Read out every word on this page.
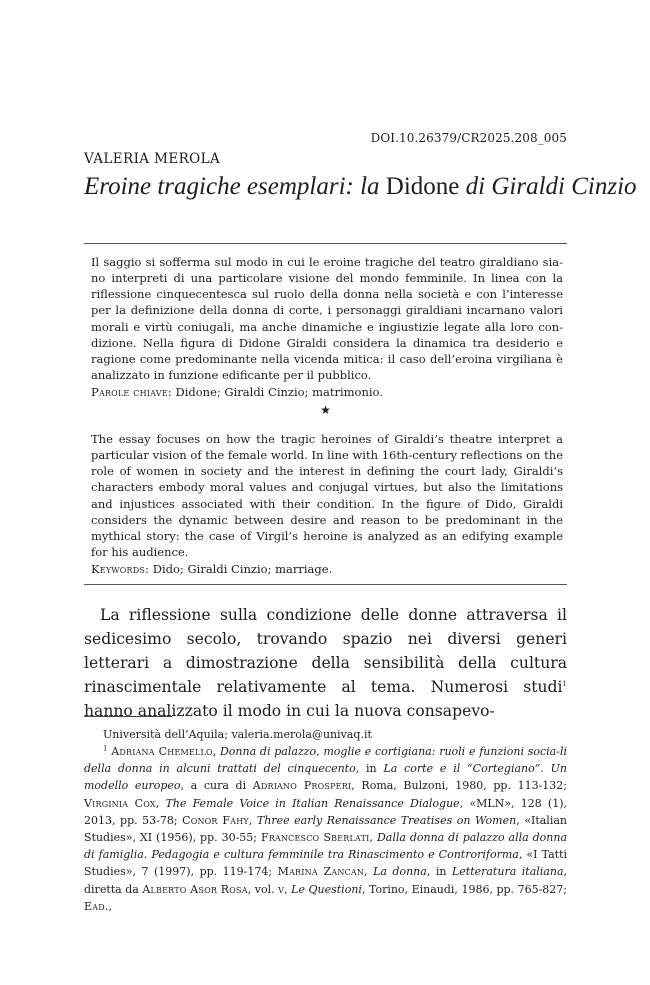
DOI.10.26379/CR2025.208_005
VALERIA MEROLA
Eroine tragiche esemplari: la Didone di Giraldi Cinzio

Il saggio si sofferma sul modo in cui le eroine tragiche del teatro giraldiano sia-no interpreti di una particolare visione del mondo femminile. In linea con la riflessione cinquecentesca sul ruolo della donna nella società e con l’interesse per la definizione della donna di corte, i personaggi giraldiani incarnano valori morali e virtù coniugali, ma anche dinamiche e ingiustizie legate alla loro con-dizione. Nella figura di Didone Giraldi considera la dinamica tra desiderio e ragione come predominante nella vicenda mitica: il caso dell’eroina virgiliana è analizzato in funzione edificante per il pubblico.

Parole chiave: Didone; Giraldi Cinzio; matrimonio.
★

The essay focuses on how the tragic heroines of Giraldi’s theatre interpret a particular vision of the female world. In line with 16th-century reflections on the role of women in society and the interest in defining the court lady, Giraldi’s characters embody moral values and conjugal virtues, but also the limitations and injustices associated with their condition. In the figure of Dido, Giraldi considers the dynamic between desire and reason to be predominant in the mythical story: the case of Virgil’s heroine is analyzed as an edifying example for his audience.

Keywords: Dido; Giraldi Cinzio; marriage.

La riflessione sulla condizione delle donne attraversa il sedicesimo secolo, trovando spazio nei diversi generi letterari a dimostrazione della sensibilità della cultura rinascimentale relativamente al tema. Numerosi studi$^1$ hanno analizzato il modo in cui la nuova consapevo-

Università dell’Aquila; valeria.merola@univaq.it

$^1$ Adriana Chemello, Donna di palazzo, moglie e cortigiana: ruoli e funzioni socia-li della donna in alcuni trattati del cinquecento, in La corte e il “Cortegiano”. Un modello europeo, a cura di Adriano Prosperi, Roma, Bulzoni, 1980, pp. 113-132; Virginia Cox, The Female Voice in Italian Renaissance Dialogue, «MLN», 128 (1), 2013, pp. 53-78; Conor Fahy, Three early Renaissance Treatises on Women, «Italian Studies», XI (1956), pp. 30-55; Francesco Sberlati, Dalla donna di palazzo alla donna di famiglia. Pedagogia e cultura femminile tra Rinascimento e Controriforma, «I Tatti Studies», 7 (1997), pp. 119-174; Marina Zancan, La donna, in Letteratura italiana, diretta da Alberto Asor Rosa, vol. v, Le Questioni, Torino, Einaudi, 1986, pp. 765-827; Ead.,
